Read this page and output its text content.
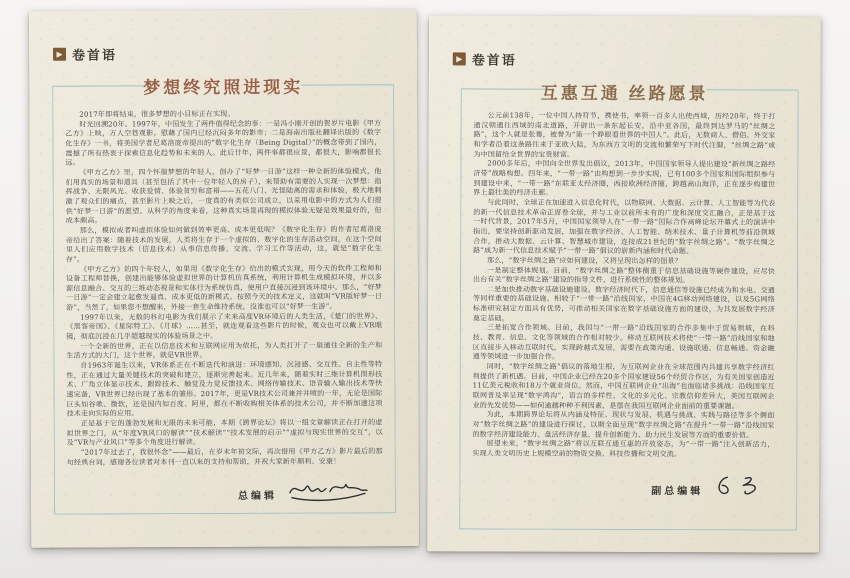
▶ 卷首语
梦想终究照进现实

2017年即将结束，很多梦想的小目标正在实现。

时光回溯20年。1997年，中国发生了两件值得纪念的事：一是冯小刚开创的贺岁片电影《甲方乙方》上映，万人空巷观影，慰藉了国内已经沉闷多年的影市；二是海南出版社翻译出版的《数字化生存》一书，将美国学者尼葛洛庞帝提出的“数字化生存（Being Digital）”的概念带到了国内，震撼了所有热衷于探索信息化趋势和未来的人。此后廿年，两件事都很应景，都很大，影响都很长远。

《甲方乙方》里，四个怀揣梦想的年轻人，创办了“好梦一日游”这样一种全新的体验模式，他们用真实的场景和道具（甚至包括了其中一位年轻人的房子），来帮助有需要的人实现一次梦想：指挥战争、无限风光、收获爱情、体验贫穷和富裕——五花八门、光怪陆离的需求和体验，极大地刺激了观众们的痛点，甚至影片上映之后，一度真的有类似公司成立，以采用电影中的方式为人们提供“好梦一日游”的愿望。从科学的角度来看，这种真实场景再现的模拟体验无疑是效果最好的，但成本颇高。

那么，模拟或者叫虚拟体验如何做到效率更高、成本更低呢？《数字化生存》的作者尼葛洛庞帝给出了答案：随着技术的发展，人类将生存于一个虚拟的、数字化的生存活动空间，在这个空间里人们应用数字技术（信息技术）从事信息传播、交流、学习工作等活动，这，就是“数字化生存”。

《甲方乙方》的四个年轻人，如果用《数字化生存》给出的模式实现，用今天的软件工程师和设备工程师替换，创建出能够体验虚拟世界的计算机仿真系统，利用计算机生成模拟环境，并以多源信息融合、交互的三维动态视景和实体行为系统仿真，使用户直接沉浸到该环境中。那么，“好梦一日游”一定会建立起愈发逼真、成本更低的新模式。按照今天的技术定义，这就叫“VR版好梦一日游”，当然了，如果您不想醒来，外接一套生命维持系统，没准也可以“好梦一生游”。

1997年以来，无数的科幻电影为我们展示了未来高度VR环境后的人类生活，《楚门的世界》、《黑客帝国》、《星际特工》、《月球》……甚至，就连观看这些影片的时候，观众也可以戴上VR眼镜，彻底沉浸在几乎超越现实的体验场景之中。

一个全新的世界，正在以信息技术和互联网应用为依托，为人类打开了一扇通往全新的生产和生活方式的大门，这个世界，就是VR世界。

自1963年诞生以来，VR体系正在不断迭代和演进：环境感知、沉浸感、交互性、自主性等特性，正在通过大量关键技术的突破和建立，逐渐完善起来。近几年来，随着实时三维计算机图形技术、广角立体显示技术、跟踪技术、触觉及力觉反馈技术、网络传输技术、语音输入输出技术等快速完备，VR世界已经出现了基本的雏形。2017年，更是VR技术公司兼并井喷的一年，无论是国际巨头如谷歌、微软，还是国内如百度、阿里，都在不断收购相关体系的技术公司，并不断加速这项技术走向实际的应用。

正是基于它的蓬勃发展和无限的未来可能，本期《跨界论坛》将以一组文章解读正在打开的虚拟世界之门，从“年度VR风口的解读”“技术解读”“技术发展的启示”“虚拟与现实世界的交互”，以及“VR与产业风口”等多个角度进行解读。

“2017年过去了，我很怀念”——最后，在岁末年初交际，再次借用《甲方乙方》影片最后的那句经典台词，感谢各位读者对本刊一直以来的支持和帮助，并祝大家新年顺利、安康！

总编辑
▶ 卷首语
互惠互通 丝路愿景

公元前138年，一位中国人持符节，携使书，率领一百多人出使西域，历经20年，终于打通汉朝通往西域的南北道路，开辟出一条东起长安，沿中亚各国，最终到达罗马的“丝绸之路”，这个人就是张骞，被誉为“第一个睁眼看世界的中国人”。此后，无数商人、僧侣、外交家和学者沿着这条路往来于亚欧大陆，为东西方文明的交流和繁荣写下时代注脚，“丝绸之路”成为中国留给全世界的宝贵财富。

2000多年后，中国向全世界发出倡议，2013年，中国国家领导人提出建设“新丝绸之路经济带”战略构想。四年来，“一带一路”由构想到一步步实现，已有100多个国家和国际组织参与到建设中来，“一带一路”东联亚太经济圈，西接欧洲经济圈，跨越高山海洋，正在逐步构建世界上最壮美的经济走廊。

与此同时，全球正在加速进入信息化时代，以物联网、大数据、云计算、人工智能等为代表的新一代信息技术革命正席卷全球，并与工业以前所未有的广度和深度交汇融合，正是基于这一时代背景，2017年5月，中国国家领导人在“一带一路”国际合作高峰论坛开幕式上的演讲中指出，要坚持创新驱动发展，加强在数字经济、人工智能、纳米技术、量子计算机等前沿领域合作，推动大数据、云计算、智慧城市建设，连接成21世纪的“数字丝绸之路”。“数字丝绸之路”成为新一代信息技术赋予“一带一路”倡议的崭新内涵和时代命题。

那么，“数字丝绸之路”应如何建设，又将呈现出怎样的图景？

一是制定整体规划。目前，“数字丝绸之路”整体侧重于信息基础设施等硬件建设，应尽快出台有关“数字丝绸之路”建设的指导文件，进行系统性的整体规划。

二是加快推动数字基础设施建设。数字经济时代下，信息通信等设施已经成为和水电、交通等同样重要的基础设施。相较于“一带一路”沿线国家，中国在4G移动网络建设，以及5G网络标准研究制定方面具有优势，可推动相关国家在数字基础设施方面的建设，为其发展数字经济奠定基础。

三是拓宽合作领域。目前，我国与“一带一路”沿线国家的合作多集中于贸易领域，在科技、教育、信息、文化等领域的合作相对较少。移动互联网技术将使“一带一路”沿线国家和地区直接步入移动互联时代，实现跨越式发展，需要在政策沟通、设施联通、信息畅通、资金融通等领域进一步加强合作。

同时，“数字丝绸之路”倡议的落地生根，为互联网企业在全球范围内共建共享数字经济红利提供了新机遇。目前，中国企业已经在20多个国家建设56个经贸合作区，为有关国家创造近11亿美元税收和18万个就业岗位。然而，中国互联网企业“出海”也面临诸多挑战：沿线国家互联网普及率呈现“数字鸿沟”，语言的多样性、文化的多元化、宗教信仰差异大，美国互联网企业的先发优势——如何逾越种种不利因素，是摆在我国互联网企业面前的重要课题。

为此，本期跨界论坛将从内涵及特征、现状与发展、机遇与挑战、实践与路径等多个侧面对“数字丝绸之路”的建设进行探讨，以期全面呈现“数字丝绸之路”在提升“一带一路”沿线国家的数字经济建设能力、盘活经济存量、提升创新能力、助力民生发展等方面的重要价值。

展望未来，“数字丝绸之路”将以互联互通互惠的开放姿态，为“一带一路”注入创新活力，实现人类文明历史上规模空前的物资交换、科技传播和文明交流。

副总编辑
